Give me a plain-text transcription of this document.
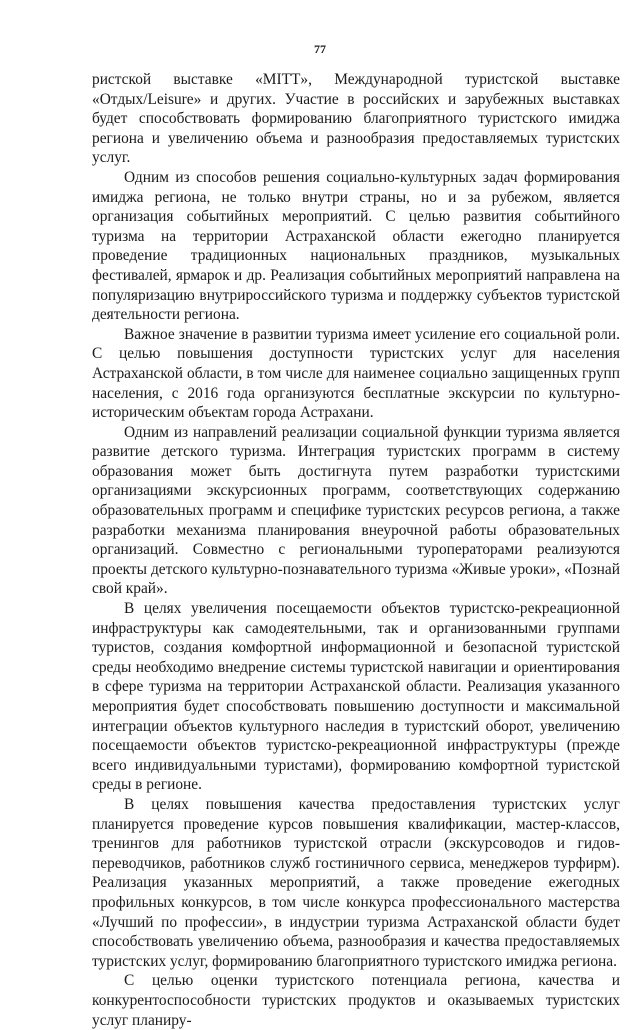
77

ристской выставке «MITT», Международной туристской выставке «Отдых/Leisure» и других. Участие в российских и зарубежных выставках будет способствовать формированию благоприятного туристского имиджа региона и увеличению объема и разнообразия предоставляемых туристских услуг.

Одним из способов решения социально-культурных задач формирования имиджа региона, не только внутри страны, но и за рубежом, является организация событийных мероприятий. С целью развития событийного туризма на территории Астраханской области ежегодно планируется проведение традиционных национальных праздников, музыкальных фестивалей, ярмарок и др. Реализация событийных мероприятий направлена на популяризацию внутрироссийского туризма и поддержку субъектов туристской деятельности региона.

Важное значение в развитии туризма имеет усиление его социальной роли. С целью повышения доступности туристских услуг для населения Астраханской области, в том числе для наименее социально защищенных групп населения, с 2016 года организуются бесплатные экскурсии по культурно-историческим объектам города Астрахани.

Одним из направлений реализации социальной функции туризма является развитие детского туризма. Интеграция туристских программ в систему образования может быть достигнута путем разработки туристскими организациями экскурсионных программ, соответствующих содержанию образовательных программ и специфике туристских ресурсов региона, а также разработки механизма планирования внеурочной работы образовательных организаций. Совместно с региональными туроператорами реализуются проекты детского культурно-познавательного туризма «Живые уроки», «Познай свой край».

В целях увеличения посещаемости объектов туристско-рекреационной инфраструктуры как самодеятельными, так и организованными группами туристов, создания комфортной информационной и безопасной туристской среды необходимо внедрение системы туристской навигации и ориентирования в сфере туризма на территории Астраханской области. Реализация указанного мероприятия будет способствовать повышению доступности и максимальной интеграции объектов культурного наследия в туристский оборот, увеличению посещаемости объектов туристско-рекреационной инфраструктуры (прежде всего индивидуальными туристами), формированию комфортной туристской среды в регионе.

В целях повышения качества предоставления туристских услуг планируется проведение курсов повышения квалификации, мастер-классов, тренингов для работников туристской отрасли (экскурсоводов и гидов-переводчиков, работников служб гостиничного сервиса, менеджеров турфирм). Реализация указанных мероприятий, а также проведение ежегодных профильных конкурсов, в том числе конкурса профессионального мастерства «Лучший по профессии», в индустрии туризма Астраханской области будет способствовать увеличению объема, разнообразия и качества предоставляемых туристских услуг, формированию благоприятного туристского имиджа региона.

С целью оценки туристского потенциала региона, качества и конкурентоспособности туристских продуктов и оказываемых туристских услуг планиру-
